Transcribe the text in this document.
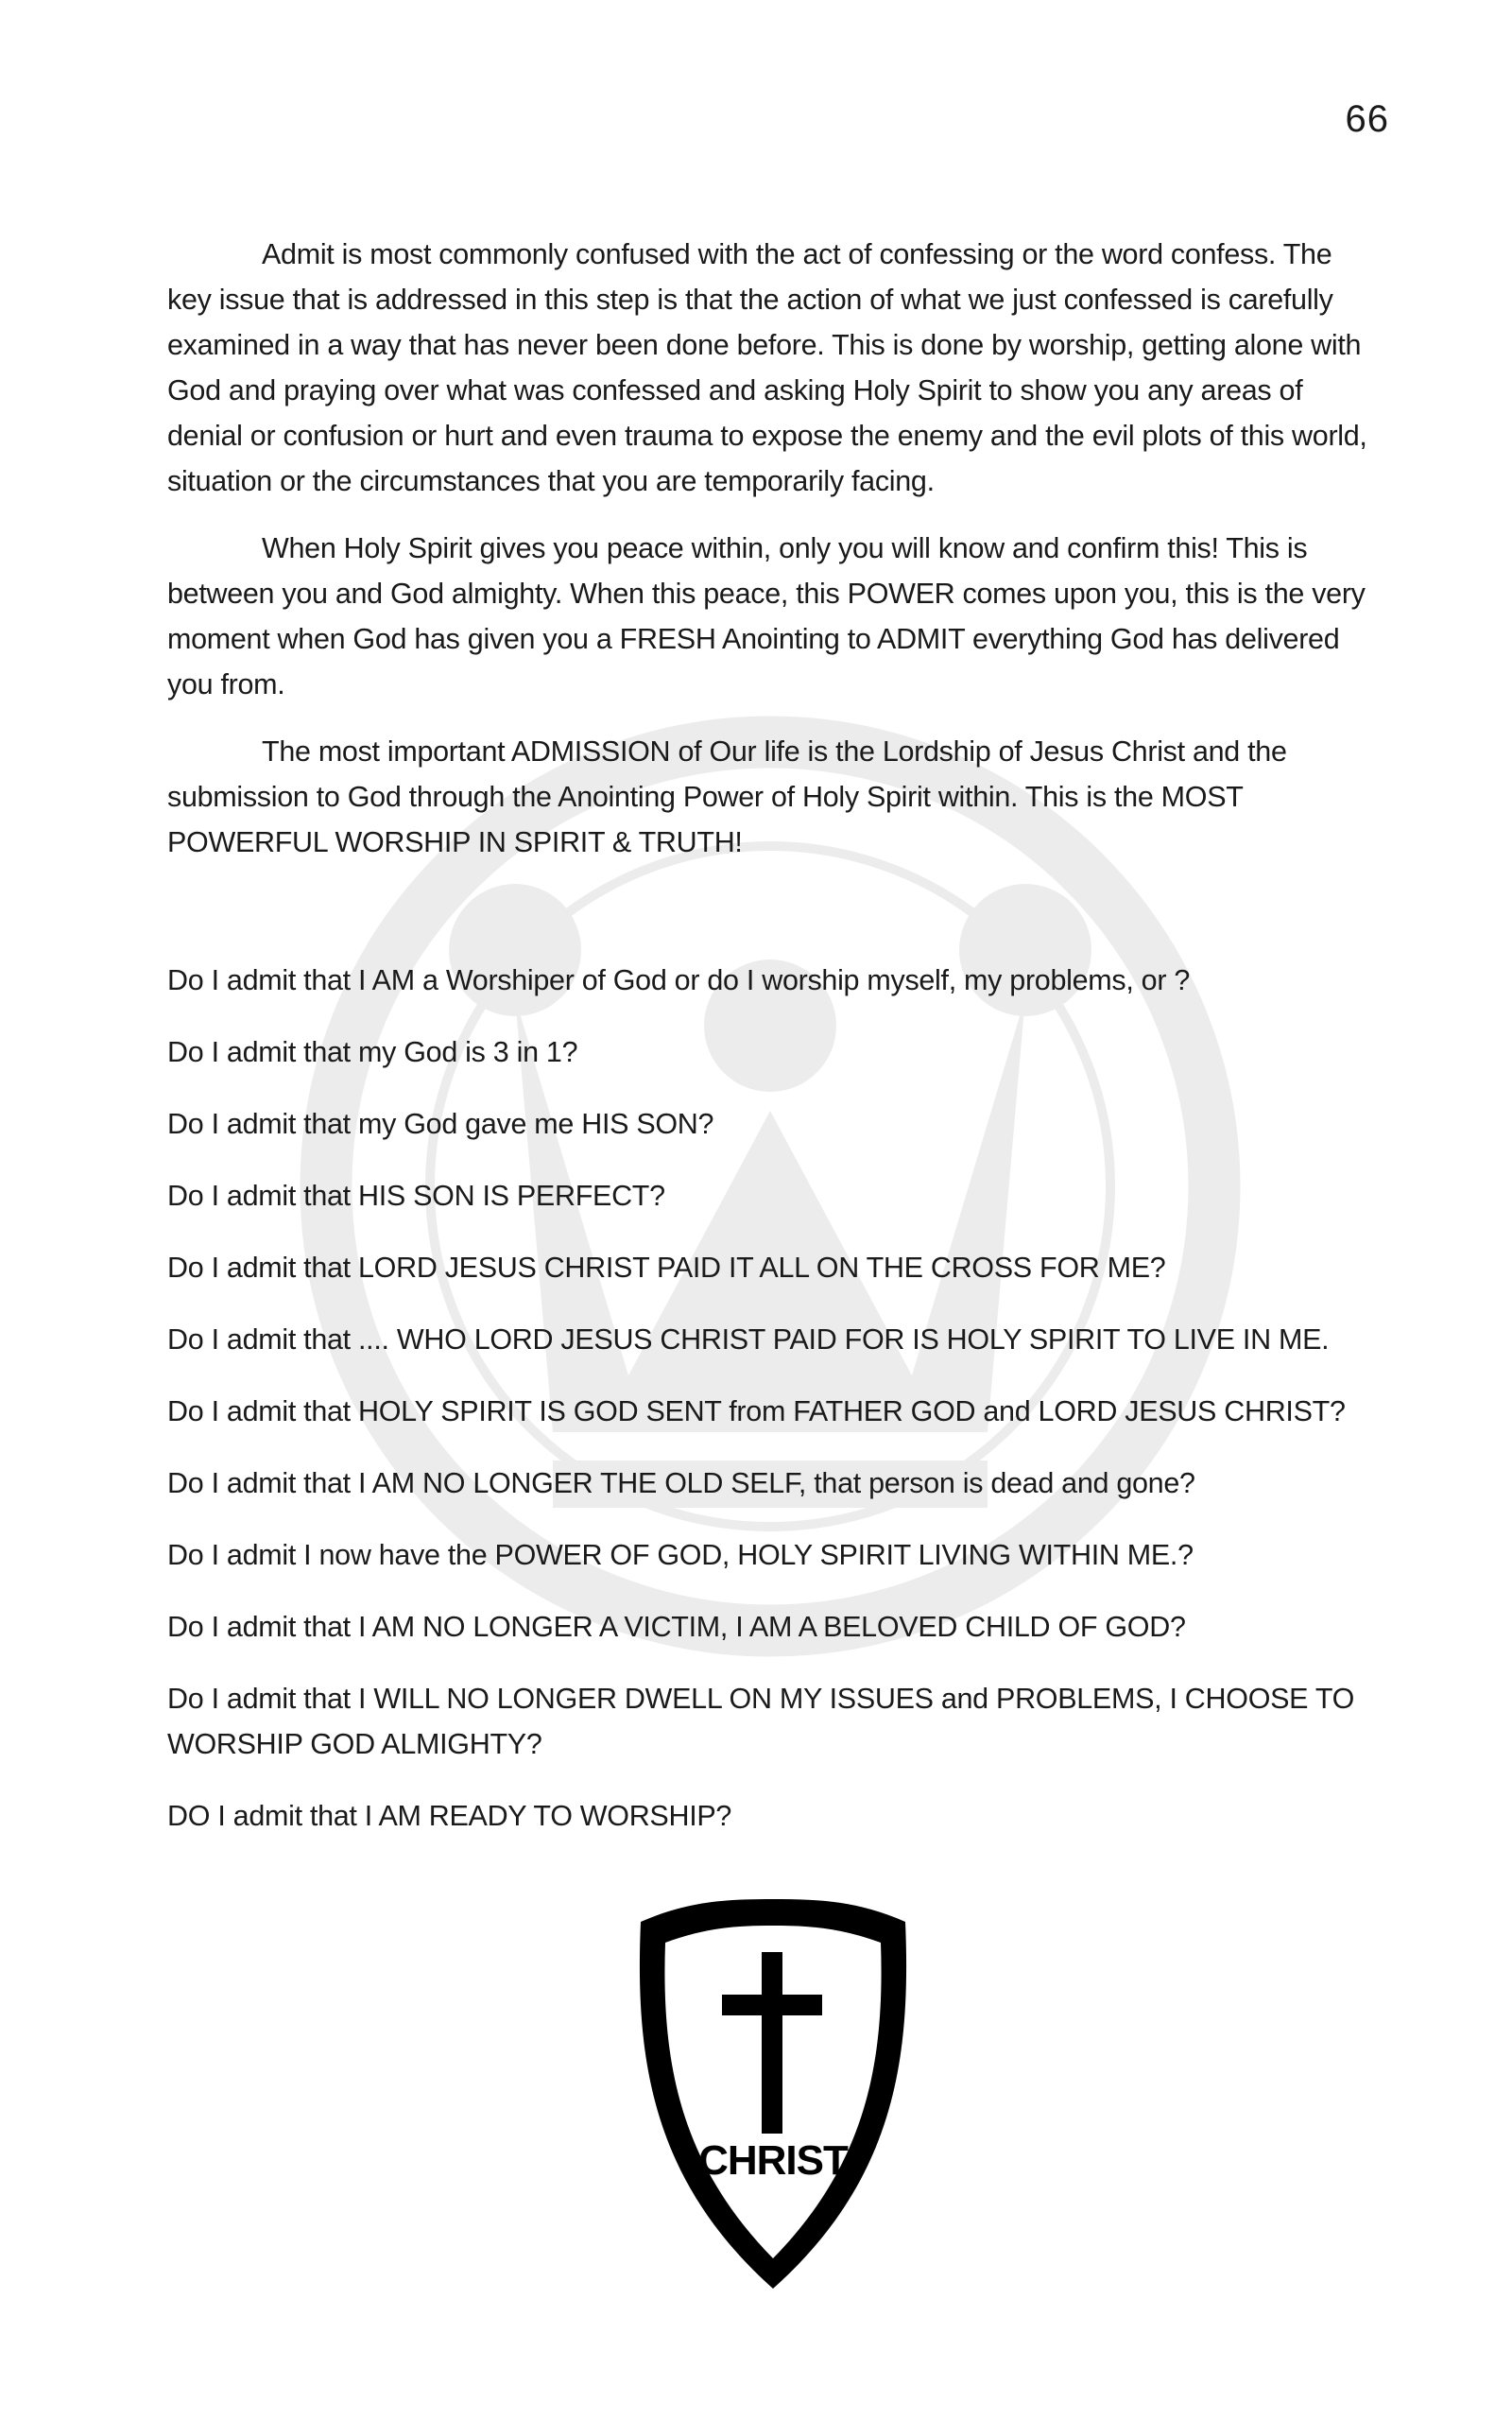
66

Admit is most commonly confused with the act of confessing or the word confess. The key issue that is addressed in this step is that the action of what we just confessed is carefully examined in a way that has never been done before. This is done by worship, getting alone with God and praying over what was confessed and asking Holy Spirit to show you any areas of denial or confusion or hurt and even trauma to expose the enemy and the evil plots of this world, situation or the circumstances that you are temporarily facing.

When Holy Spirit gives you peace within, only you will know and confirm this! This is between you and God almighty. When this peace, this POWER comes upon you, this is the very moment when God has given you a FRESH Anointing to ADMIT everything God has delivered you from.

The most important ADMISSION of Our life is the Lordship of Jesus Christ and the submission to God through the Anointing Power of Holy Spirit within. This is the MOST POWERFUL WORSHIP IN SPIRIT & TRUTH!

Do I admit that I AM a Worshiper of God or do I worship myself, my problems, or ?

Do I admit that my God is 3 in 1?

Do I admit that my God gave me HIS SON?

Do I admit that HIS SON IS PERFECT?

Do I admit that LORD JESUS CHRIST PAID IT ALL ON THE CROSS FOR ME?

Do I admit that .... WHO LORD JESUS CHRIST PAID FOR IS HOLY SPIRIT TO LIVE IN ME.

Do I admit that HOLY SPIRIT IS GOD SENT from FATHER GOD and LORD JESUS CHRIST?

Do I admit that I AM NO LONGER THE OLD SELF, that person is dead and gone?

Do I admit I now have the POWER OF GOD, HOLY SPIRIT LIVING WITHIN ME.?

Do I admit that I AM NO LONGER A VICTIM, I AM A BELOVED CHILD OF GOD?

Do I admit that I WILL NO LONGER DWELL ON MY ISSUES and PROBLEMS, I CHOOSE TO WORSHIP GOD ALMIGHTY?

DO I admit that I AM READY TO WORSHIP?

CHRIST
